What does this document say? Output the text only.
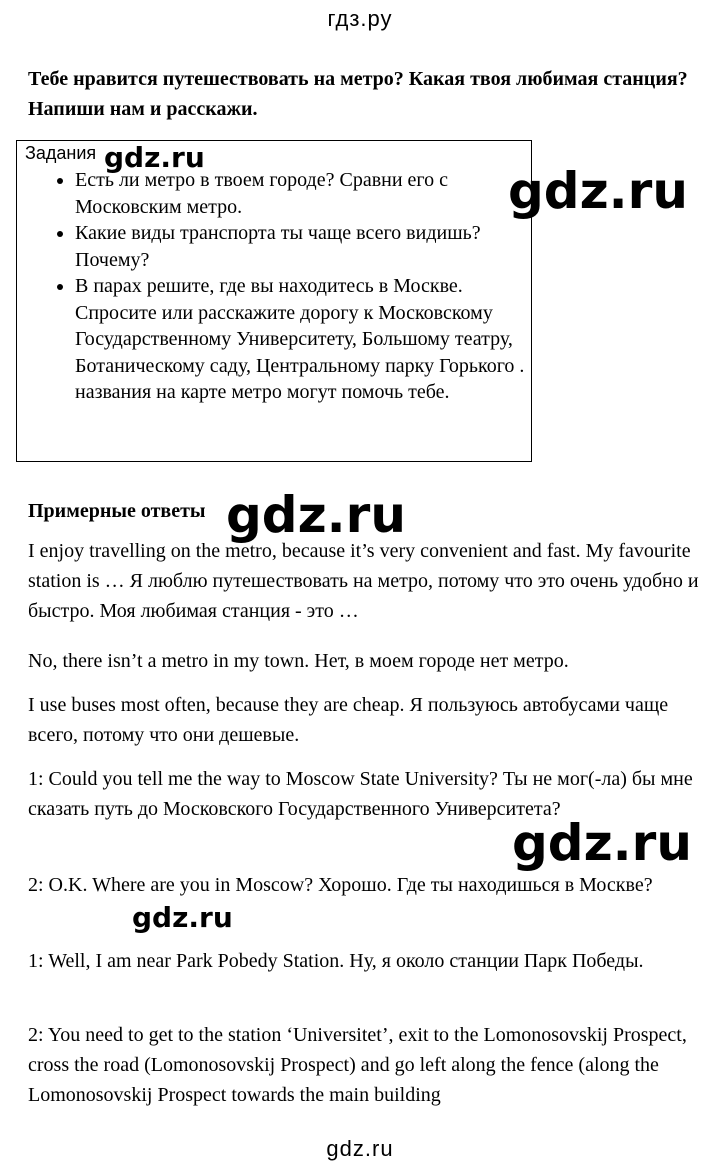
гдз.ру
Тебе нравится путешествовать на метро? Какая твоя любимая станция? Напиши нам и расскажи.
Задания
• Есть ли метро в твоем городе? Сравни его с Московским метро.
• Какие виды транспорта ты чаще всего видишь? Почему?
• В парах решите, где вы находитесь в Москве. Спросите или расскажите дорогу к Московскому Государственному Университету, Большому театру, Ботаническому саду, Центральному парку Горького . названия на карте метро могут помочь тебе.
Примерные ответы

I enjoy travelling on the metro, because it’s very convenient and fast. My favourite station is … Я люблю путешествовать на метро, потому что это очень удобно и быстро. Моя любимая станция - это …

No, there isn’t a metro in my town. Нет, в моем городе нет метро.

I use buses most often, because they are cheap. Я пользуюсь автобусами чаще всего, потому что они дешевые.

1: Could you tell me the way to Moscow State University? Ты не мог(-ла) бы мне сказать путь до Московского Государственного Университета?

2: O.K. Where are you in Moscow? Хорошо. Где ты находишься в Москве?

1: Well, I am near Park Pobedy Station. Ну, я около станции Парк Победы.

2: You need to get to the station ‘Universitet’, exit to the Lomonosovskij Prospect, cross the road (Lomonosovskij Prospect) and go left along the fence (along the Lomonosovskij Prospect towards the main building

gdz.ru
gdz.ru
gdz.ru
gdz.ru
gdz.ru
gdz.ru
